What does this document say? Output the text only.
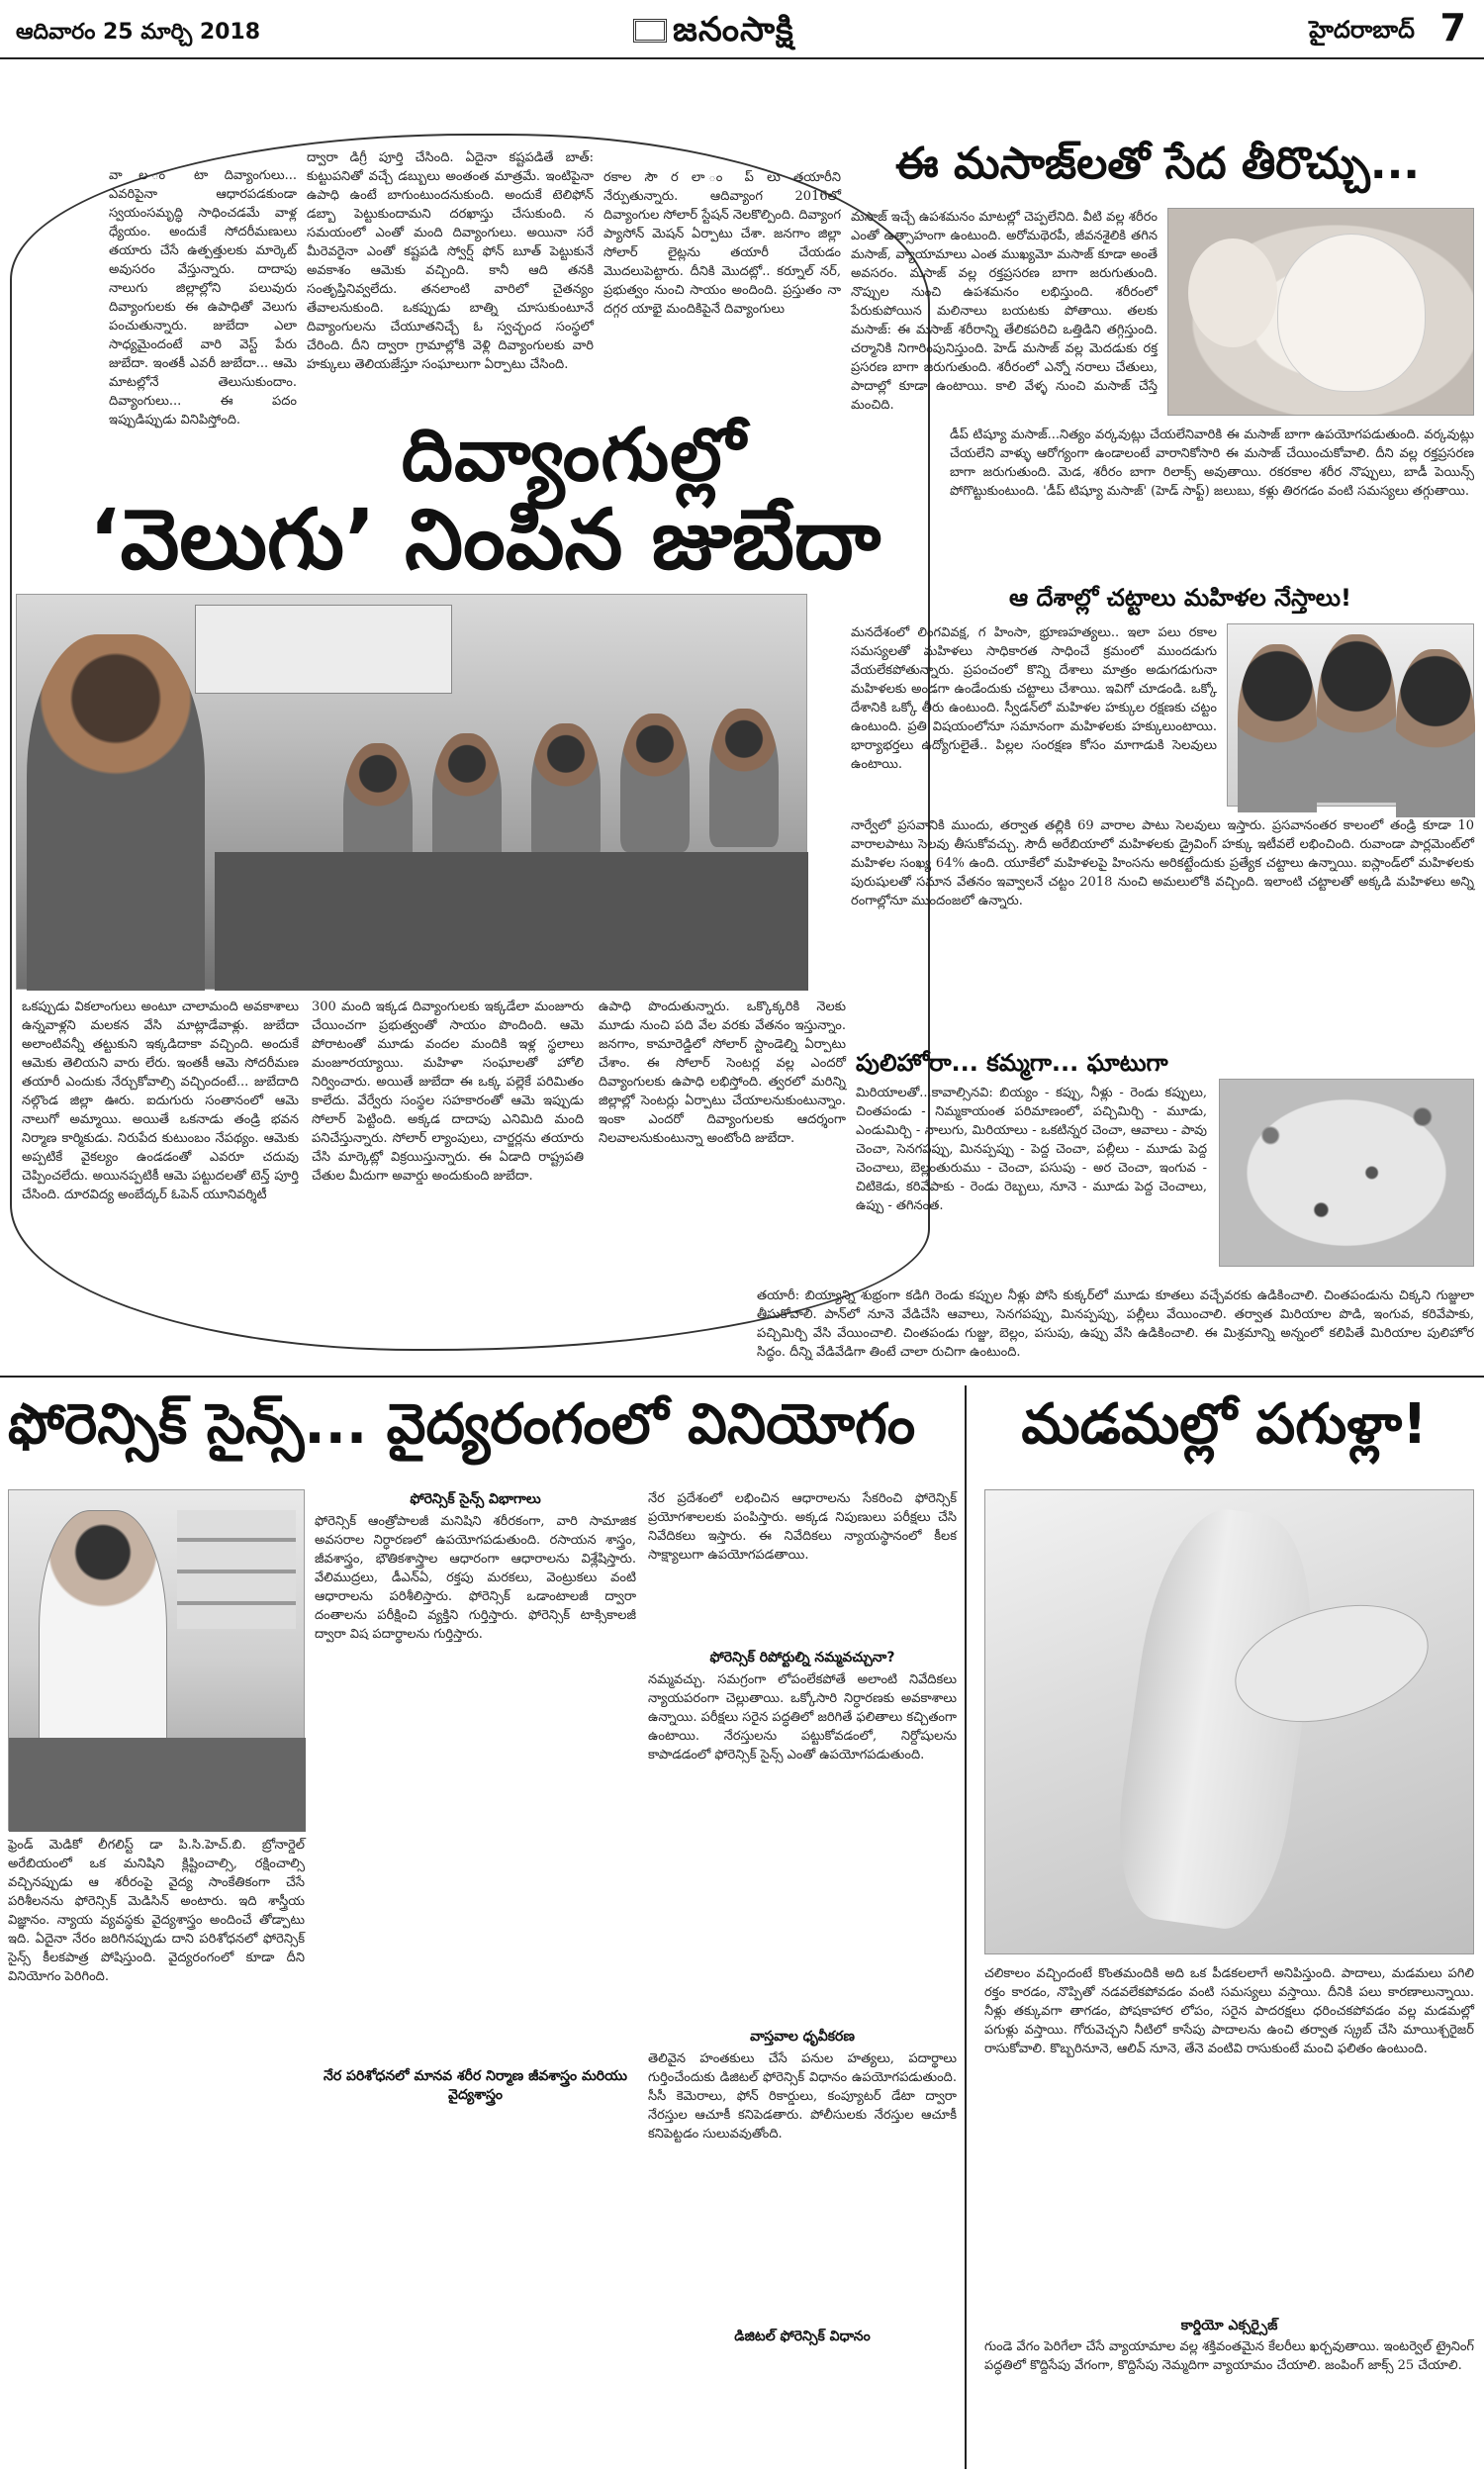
ఆదివారం 25 మార్చి 2018	జనంసాక్షి	హైదరాబాద్ 7
వా ల ం టా దివ్యాంగులు... ఎవరిపైనా ఆధారపడకుండా స్వయంసమృద్ధి సాధించడమే వాళ్ల ధ్యేయం. అందుకే సోదరీమణులు తయారు చేసే ఉత్పత్తులకు మార్కెట్ అవుసరం వేస్తున్నారు. దాదాపు నాలుగు జిల్లాల్లోని పలువురు దివ్యాంగులకు ఈ ఉపాధితో వెలుగు పంచుతున్నారు. జుబేదా ఎలా సాధ్యమైందంటే వారి వెస్ట్ పేరు జుబేదా. ఇంతకీ ఎవరీ జుబేదా... ఆమె మాటల్లోనే తెలుసుకుందాం. దివ్యాంగులు... ఈ పదం ఇప్పుడిప్పుడు వినిపిస్తోంది.
ద్వారా డిగ్రీ పూర్తి చేసింది. ఏదైనా కష్టపడితే బాత్: కుట్టుపనితో వచ్చే డబ్బులు అంతంత మాత్రమే. ఇంటిపైనా ఉపాధి ఉంటే బాగుంటుందనుకుంది. అందుకే టెలిఫోన్ డబ్బా పెట్టుకుందామని దరఖాస్తు చేసుకుంది. న సమయంలో ఎంతో మంది దివ్యాంగులు. అయినా సరే మీరెవరైనా ఎంతో కష్టపడి స్వోర్ష్ ఫోన్ బూత్ పెట్టుకునే అవకాశం ఆమెకు వచ్చింది. కానీ ఆది తనకి సంతృప్తినివ్వలేదు. తనలాంటి వారిలో చైతన్యం తేవాలనుకుంది. ఒకప్పుడు బాత్ని చూసుకుంటూనే దివ్యాంగులను చేయూతనిచ్చే ఓ స్వచ్ఛంద సంస్థలో చేరింది. దీని ద్వారా గ్రామాల్లోకి వెళ్లి దివ్యాంగులకు వారి హక్కులు తెలియజేస్తూ సంఘాలుగా ఏర్పాటు చేసింది.
రకాల సౌ ర లా ం ప్ లు తయారీని నేర్పుతున్నారు. ఆదివ్యాంగ 2016లో దివ్యాంగుల సోలార్ స్టేషన్ నెలకొల్పింది. దివ్యాంగ ప్యాసోన్ మెషన్ ఏర్పాటు చేశా. జనగాం జిల్లా సోలార్ లైట్లను తయారీ చేయడం మొదలుపెట్టారు. దీనికి మొదట్లో.. కర్నూల్ నర్, ప్రభుత్వం నుంచి సాయం అందింది. ప్రస్తుతం నా దగ్గర యాభై మందికిపైనే దివ్యాంగులు
దివ్యాంగుల్లో
‘వెలుగు’ నింపిన జుబేదా
ఒకప్పుడు వికలాంగులు అంటూ చాలామంది అవకాశాలు ఉన్నవాళ్లని మలకన వేసి మాట్లాడేవాళ్లు. జుబేదా అలాంటివన్నీ తట్టుకుని ఇక్కడిదాకా వచ్చింది. అందుకే ఆమెకు తెలియని వారు లేరు. ఇంతకీ ఆమె సోదరీమణ తయారీ ఎందుకు నేర్చుకోవాల్సి వచ్చిందంటే... జుబేదాది నల్గొండ జిల్లా ఊరు. ఐదుగురు సంతానంలో ఆమె నాలుగో అమ్మాయి. అయితే ఒకనాడు తండ్రి భవన నిర్మాణ కార్మికుడు. నిరుపేద కుటుంబం నేపథ్యం. ఆమెకు అప్పటికే వైకల్యం ఉండడంతో ఎవరూ చదువు చెప్పించలేదు. అయినప్పటికీ ఆమె పట్టుదలతో టెన్త్ పూర్తి చేసింది. దూరవిద్య అంబేద్కర్ ఓపెన్ యూనివర్శిటీ
300 మంది ఇక్కడ దివ్యాంగులకు ఇక్కడేలా మంజూరు చేయించగా ప్రభుత్వంతో సాయం పొందింది. ఆమె పోరాటంతో మూడు వందల మందికి ఇళ్ల స్థలాలు మంజూరయ్యాయి. మహిళా సంఘాలతో హోలి నిర్వించారు. అయితే జుబేదా ఈ ఒక్క పల్లెకే పరిమితం కాలేదు. వేర్వేరు సంస్థల సహకారంతో ఆమె ఇప్పుడు సోలార్ పెట్టింది. అక్కడ దాదాపు ఎనిమిది మంది పనిచేస్తున్నారు. సోలార్ ల్యాంపులు, చార్జర్లను తయారు చేసి మార్కెట్లో విక్రయిస్తున్నారు. ఈ ఏడాది రాష్ట్రపతి చేతుల మీదుగా అవార్డు అందుకుంది జుబేదా.
ఉపాధి పొందుతున్నారు. ఒక్కొక్కరికి నెలకు మూడు నుంచి పది వేల వరకు వేతనం ఇస్తున్నాం. జనగాం, కామారెడ్డిలో సోలార్ స్టాండెల్ని ఏర్పాటు చేశాం. ఈ సోలార్ సెంటర్ల వల్ల ఎందరో దివ్యాంగులకు ఉపాధి లభిస్తోంది. త్వరలో మరిన్ని జిల్లాల్లో సెంటర్లు ఏర్పాటు చేయాలనుకుంటున్నాం. ఇంకా ఎందరో దివ్యాంగులకు ఆదర్శంగా నిలవాలనుకుంటున్నా అంటోంది జుబేదా.
ఈ మసాజ్‌లతో సేద తీరొచ్చు...
మసాజ్ ఇచ్చే ఉపశమనం మాటల్లో చెప్పలేనిది. వీటి వల్ల శరీరం ఎంతో ఉత్సాహంగా ఉంటుంది. అరోమథెరపీ, జీవనశైలికి తగిన మసాజ్, వ్యాయామాలు ఎంత ముఖ్యమో మసాజ్ కూడా అంతే అవసరం. మసాజ్ వల్ల రక్తప్రసరణ బాగా జరుగుతుంది. నొప్పుల నుంచి ఉపశమనం లభిస్తుంది. శరీరంలో పేరుకుపోయిన మలినాలు బయటకు పోతాయి. తలకు మసాజ్: ఈ మసాజ్ శరీరాన్ని తేలికపరిచి ఒత్తిడిని తగ్గిస్తుంది. చర్మానికి నిగారింపునిస్తుంది. హెడ్ మసాజ్ వల్ల మెదడుకు రక్త ప్రసరణ బాగా జరుగుతుంది. శరీరంలో ఎన్నో నరాలు చేతులు, పాదాల్లో కూడా ఉంటాయి. కాలి వేళ్ళ నుంచి మసాజ్ చేస్తే మంచిది.
డీప్ టిష్యూ మసాజ్...నిత్యం వర్కవుట్లు చేయలేనివారికి ఈ మసాజ్ బాగా ఉపయోగపడుతుంది. వర్కవుట్లు చేయలేని వాళ్ళు ఆరోగ్యంగా ఉండాలంటే వారానికోసారి ఈ మసాజ్ చేయించుకోవాలి. దీని వల్ల రక్తప్రసరణ బాగా జరుగుతుంది. మెడ, శరీరం బాగా రిలాక్స్ అవుతాయి. రకరకాల శరీర నొప్పులు, బాడీ పెయిన్స్ పోగొట్టుకుంటుంది. 'డీప్ టిష్యూ మసాజ్' (హెడ్ సాఫ్ట్) జలుబు, కళ్లు తిరగడం వంటి సమస్యలు తగ్గుతాయి.
ఆ దేశాల్లో చట్టాలు మహిళల నేస్తాలు!
మనదేశంలో లింగవివక్ష, గ హింసా, భ్రూణహత్యలు.. ఇలా పలు రకాల సమస్యలతో మహిళలు సాధికారత సాధించే క్రమంలో ముందడుగు వేయలేకపోతున్నారు. ప్రపంచంలో కొన్ని దేశాలు మాత్రం అడుగడుగునా మహిళలకు అండగా ఉండేందుకు చట్టాలు చేశాయి. ఇవిగో చూడండి. ఒక్కో దేశానికి ఒక్కో తీరు ఉంటుంది. స్వీడన్‌లో మహిళల హక్కుల రక్షణకు చట్టం ఉంటుంది. ప్రతి విషయంలోనూ సమానంగా మహిళలకు హక్కులుంటాయి. భార్యాభర్తలు ఉద్యోగులైతే.. పిల్లల సంరక్షణ కోసం మాగాడుకి సెలవులు ఉంటాయి.
నార్వేలో ప్రసవానికి ముందు, తర్వాత తల్లికి 69 వారాల పాటు సెలవులు ఇస్తారు. ప్రసవానంతర కాలంలో తండ్రి కూడా 10 వారాలపాటు సెలవు తీసుకోవచ్చు. సౌదీ అరేబియాలో మహిళలకు డ్రైవింగ్ హక్కు ఇటీవలే లభించింది. రువాండా పార్లమెంట్‌లో మహిళల సంఖ్య 64% ఉంది. యూకేలో మహిళలపై హింసను అరికట్టేందుకు ప్రత్యేక చట్టాలు ఉన్నాయి. ఐస్లాండ్‌లో మహిళలకు పురుషులతో సమాన వేతనం ఇవ్వాలనే చట్టం 2018 నుంచి అమలులోకి వచ్చింది. ఇలాంటి చట్టాలతో అక్కడి మహిళలు అన్ని రంగాల్లోనూ ముందంజలో ఉన్నారు.
పులిహోరా... కమ్మగా... ఘాటుగా
మిరియాలతో...కావాల్సినవి: బియ్యం - కప్పు, నీళ్లు - రెండు కప్పులు, చింతపండు - నిమ్మకాయంత పరిమాణంలో, పచ్చిమిర్చి - మూడు, ఎండుమిర్చి - నాలుగు, మిరియాలు - ఒకటిన్నర చెంచా, ఆవాలు - పావు చెంచా, సెనగపప్పు, మినప్పప్పు - పెద్ద చెంచా, పల్లీలు - మూడు పెద్ద చెంచాలు, బెల్లంతురుము - చెంచా, పసుపు - అర చెంచా, ఇంగువ - చిటికెడు, కరివేపాకు - రెండు రెబ్బలు, నూనె - మూడు పెద్ద చెంచాలు, ఉప్పు - తగినంత.
తయారీ: బియ్యాన్ని శుభ్రంగా కడిగి రెండు కప్పుల నీళ్లు పోసి కుక్కర్‌లో మూడు కూతలు వచ్చేవరకు ఉడికించాలి. చింతపండును చిక్కని గుజ్జులా తీసుకోవాలి. పాన్‌లో నూనె వేడిచేసి ఆవాలు, సెనగపప్పు, మినప్పప్పు, పల్లీలు వేయించాలి. తర్వాత మిరియాల పొడి, ఇంగువ, కరివేపాకు, పచ్చిమిర్చి వేసి వేయించాలి. చింతపండు గుజ్జు, బెల్లం, పసుపు, ఉప్పు వేసి ఉడికించాలి. ఈ మిశ్రమాన్ని అన్నంలో కలిపితే మిరియాల పులిహోర సిద్ధం. దీన్ని వేడివేడిగా తింటే చాలా రుచిగా ఉంటుంది.
ఫోరెన్సిక్ సైన్స్... వైద్యరంగంలో వినియోగం
ఫ్రెండ్ మెడికో లీగలిస్ట్ డా పి.సి.హెచ్.బి. బ్రోనార్డెల్ అరేబియంలో ఒక మనిషిని క్లిష్టించాల్సి, రక్షించాల్సి వచ్చినప్పుడు ఆ శరీరంపై వైద్య సాంకేతికంగా చేసే పరిశీలనను ఫోరెన్సిక్ మెడిసిన్ అంటారు. ఇది శాస్త్రీయ విజ్ఞానం. న్యాయ వ్యవస్థకు వైద్యశాస్త్రం అందించే తోడ్పాటు ఇది. ఏదైనా నేరం జరిగినప్పుడు దాని పరిశోధనలో ఫోరెన్సిక్ సైన్స్ కీలకపాత్ర పోషిస్తుంది. వైద్యరంగంలో కూడా దీని వినియోగం పెరిగింది.
ఫోరెన్సిక్ సైన్స్ విభాగాలు
ఫోరెన్సిక్ ఆంత్రోపాలజీ మనిషిని శరీరకంగా, వారి సామాజిక అవసరాల నిర్ధారణలో ఉపయోగపడుతుంది. రసాయన శాస్త్రం, జీవశాస్త్రం, భౌతికశాస్త్రాల ఆధారంగా ఆధారాలను విశ్లేషిస్తారు. వేలిముద్రలు, డీఎన్‌ఏ, రక్తపు మరకలు, వెంట్రుకలు వంటి ఆధారాలను పరిశీలిస్తారు. ఫోరెన్సిక్ ఒడాంటాలజీ ద్వారా దంతాలను పరీక్షించి వ్యక్తిని గుర్తిస్తారు. ఫోరెన్సిక్ టాక్సికాలజీ ద్వారా విష పదార్థాలను గుర్తిస్తారు.
నేర పరిశోధనలో మానవ శరీర నిర్మాణ జీవశాస్త్రం మరియు వైద్యశాస్త్రం
నేర ప్రదేశంలో లభించిన ఆధారాలను సేకరించి ఫోరెన్సిక్ ప్రయోగశాలలకు పంపిస్తారు. అక్కడ నిపుణులు పరీక్షలు చేసి నివేదికలు ఇస్తారు. ఈ నివేదికలు న్యాయస్థానంలో కీలక సాక్ష్యాలుగా ఉపయోగపడతాయి.
ఫోరెన్సిక్ రిపోర్టుల్ని నమ్మవచ్చునా?
నమ్మవచ్చు. సమగ్రంగా లోపంలేకపోతే అలాంటి నివేదికలు న్యాయపరంగా చెల్లుతాయి. ఒక్కోసారి నిర్ధారణకు అవకాశాలు ఉన్నాయి. పరీక్షలు సరైన పద్ధతిలో జరిగితే ఫలితాలు కచ్చితంగా ఉంటాయి. నేరస్తులను పట్టుకోవడంలో, నిర్దోషులను కాపాడడంలో ఫోరెన్సిక్ సైన్స్ ఎంతో ఉపయోగపడుతుంది.
వాస్తవాల ధృవీకరణ
తెలివైన హంతకులు చేసే పనుల హత్యలు, పదార్థాలు గుర్తించేందుకు డిజిటల్ ఫోరెన్సిక్ విధానం ఉపయోగపడుతుంది. సీసీ కెమెరాలు, ఫోన్ రికార్డులు, కంప్యూటర్ డేటా ద్వారా నేరస్తుల ఆచూకీ కనిపెడతారు. పోలీసులకు నేరస్తుల ఆచూకీ కనిపెట్టడం సులువవుతోంది.
డిజిటల్ ఫోరెన్సిక్ విధానం
మడమల్లో పగుళ్లా!
చలికాలం వచ్చిందంటే కొంతమందికి అది ఒక పీడకలలాగే అనిపిస్తుంది. పాదాలు, మడమలు పగిలి రక్తం కారడం, నొప్పితో నడవలేకపోవడం వంటి సమస్యలు వస్తాయి. దీనికి పలు కారణాలున్నాయి. నీళ్లు తక్కువగా తాగడం, పోషకాహార లోపం, సరైన పాదరక్షలు ధరించకపోవడం వల్ల మడమల్లో పగుళ్లు వస్తాయి. గోరువెచ్చని నీటిలో కాసేపు పాదాలను ఉంచి తర్వాత స్క్రబ్ చేసి మాయిశ్చరైజర్ రాసుకోవాలి. కొబ్బరినూనె, ఆలివ్ నూనె, తేనె వంటివి రాసుకుంటే మంచి ఫలితం ఉంటుంది.
కార్డియో ఎక్సర్సైజ్
గుండె వేగం పెరిగేలా చేసే వ్యాయామాల వల్ల శక్తివంతమైన కేలరీలు ఖర్చవుతాయి. ఇంటర్వెల్ ట్రైనింగ్ పద్ధతిలో కొద్దిసేపు వేగంగా, కొద్దిసేపు నెమ్మదిగా వ్యాయామం చేయాలి. జంపింగ్ జాక్స్ 25 చేయాలి.
